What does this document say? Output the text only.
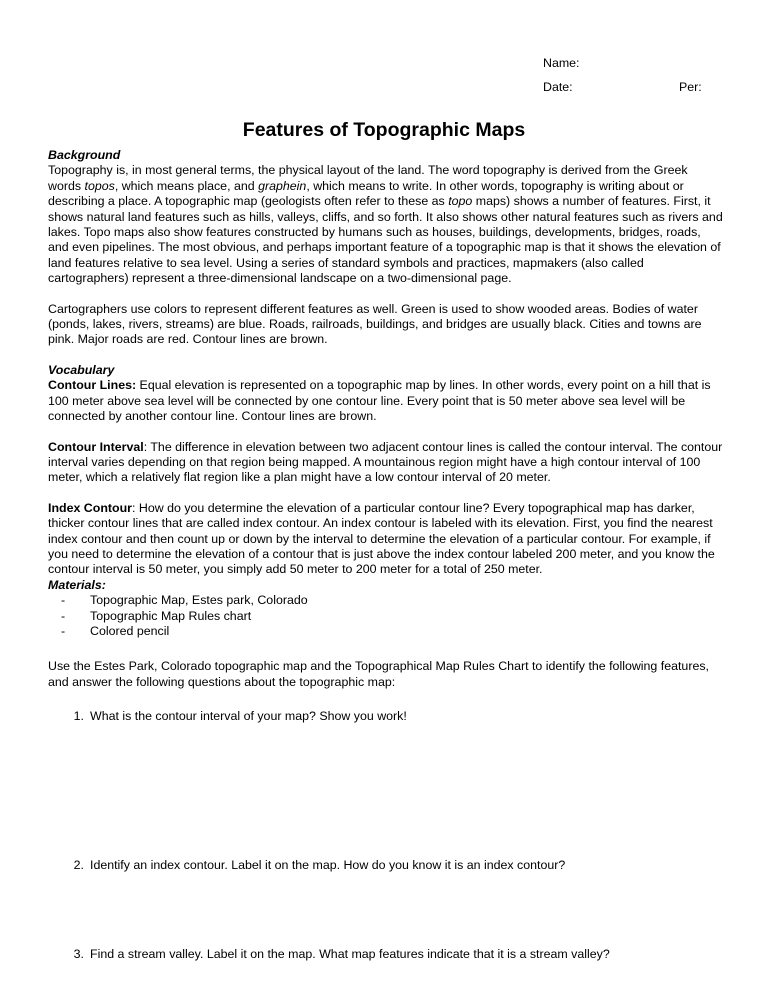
Name:
Date:	Per:
Features of Topographic Maps

Background

Topography is, in most general terms, the physical layout of the land. The word topography is derived from the Greek words topos, which means place, and graphein, which means to write. In other words, topography is writing about or describing a place. A topographic map (geologists often refer to these as topo maps) shows a number of features. First, it shows natural land features such as hills, valleys, cliffs, and so forth. It also shows other natural features such as rivers and lakes. Topo maps also show features constructed by humans such as houses, buildings, developments, bridges, roads, and even pipelines. The most obvious, and perhaps important feature of a topographic map is that it shows the elevation of land features relative to sea level. Using a series of standard symbols and practices, mapmakers (also called cartographers) represent a three-dimensional landscape on a two-dimensional page.

Cartographers use colors to represent different features as well. Green is used to show wooded areas. Bodies of water (ponds, lakes, rivers, streams) are blue. Roads, railroads, buildings, and bridges are usually black. Cities and towns are pink. Major roads are red. Contour lines are brown.

Vocabulary

Contour Lines: Equal elevation is represented on a topographic map by lines. In other words, every point on a hill that is 100 meter above sea level will be connected by one contour line. Every point that is 50 meter above sea level will be connected by another contour line. Contour lines are brown.

Contour Interval: The difference in elevation between two adjacent contour lines is called the contour interval. The contour interval varies depending on that region being mapped. A mountainous region might have a high contour interval of 100 meter, which a relatively flat region like a plan might have a low contour interval of 20 meter.

Index Contour: How do you determine the elevation of a particular contour line? Every topographical map has darker, thicker contour lines that are called index contour. An index contour is labeled with its elevation. First, you find the nearest index contour and then count up or down by the interval to determine the elevation of a particular contour. For example, if you need to determine the elevation of a contour that is just above the index contour labeled 200 meter, and you know the contour interval is 50 meter, you simply add 50 meter to 200 meter for a total of 250 meter.

Materials:

- Topographic Map, Estes park, Colorado
- Topographic Map Rules chart
- Colored pencil

Use the Estes Park, Colorado topographic map and the Topographical Map Rules Chart to identify the following features, and answer the following questions about the topographic map:

1. What is the contour interval of your map? Show you work!
2. Identify an index contour. Label it on the map. How do you know it is an index contour?
3. Find a stream valley. Label it on the map. What map features indicate that it is a stream valley?
